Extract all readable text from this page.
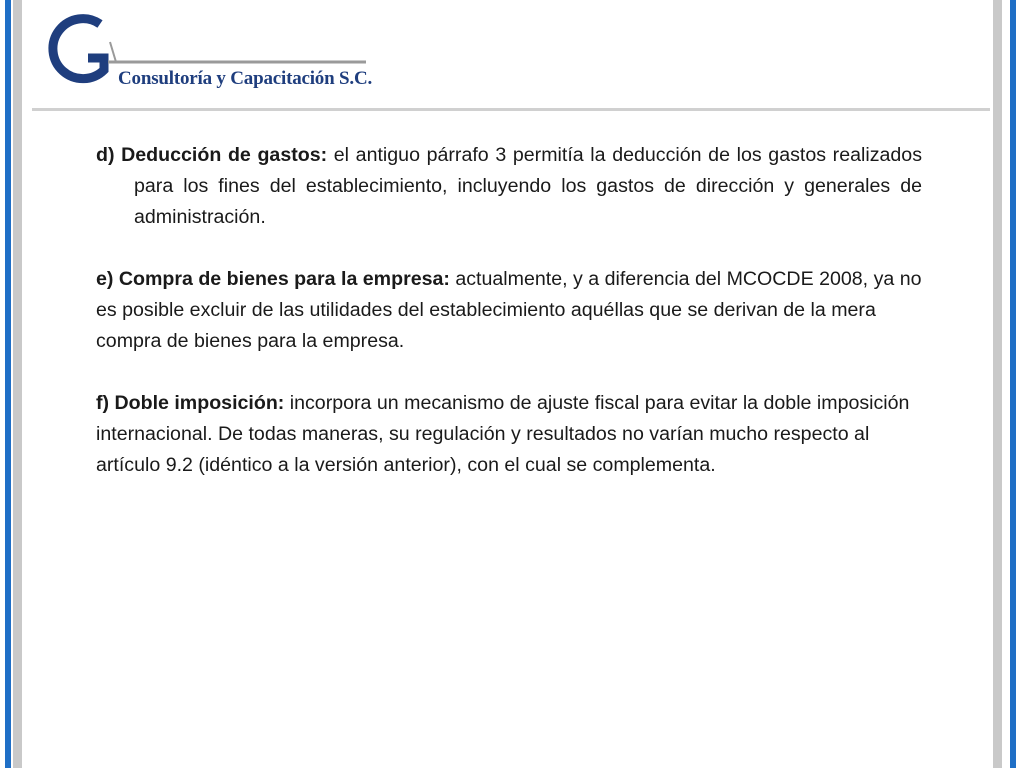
va
Consultoría y Capacitación S.C.

d) Deducción de gastos: el antiguo párrafo 3 permitía la deducción de los gastos realizados para los fines del establecimiento, incluyendo los gastos de dirección y generales de administración.

e) Compra de bienes para la empresa: actualmente, y a diferencia del MCOCDE 2008, ya no es posible excluir de las utilidades del establecimiento aquéllas que se derivan de la mera compra de bienes para la empresa.

f) Doble imposición: incorpora un mecanismo de ajuste fiscal para evitar la doble imposición internacional. De todas maneras, su regulación y resultados no varían mucho respecto al artículo 9.2 (idéntico a la versión anterior), con el cual se complementa.
